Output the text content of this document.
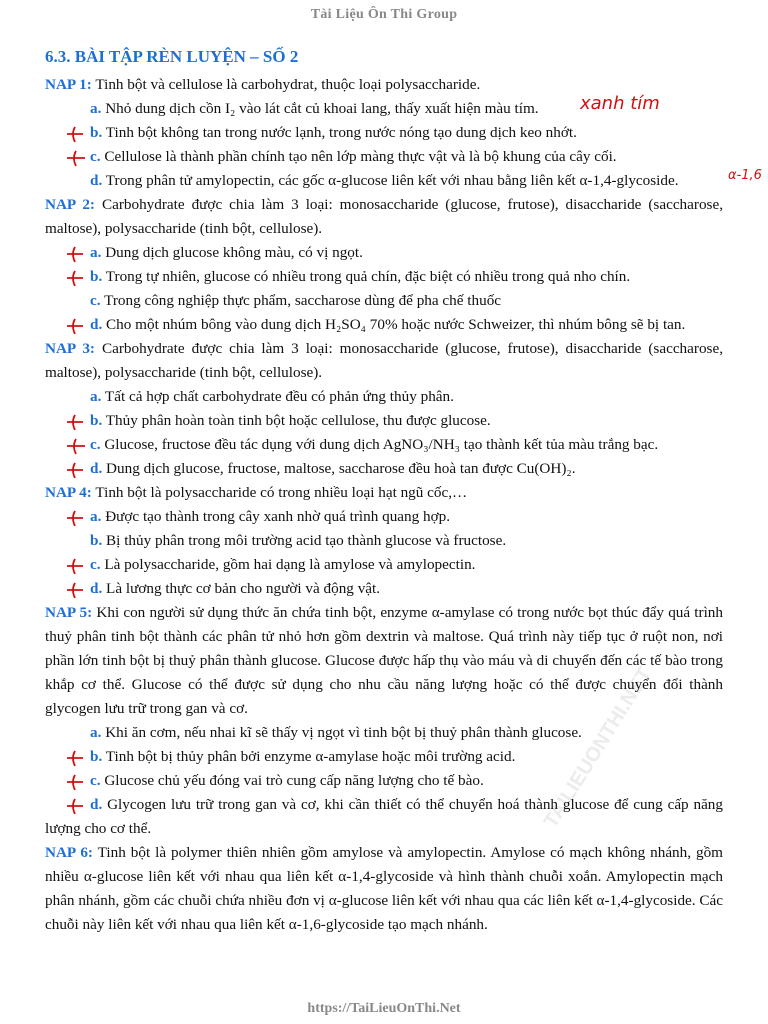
Tài Liệu Ôn Thi Group
TAILIEUONTHI.NET
6.3. BÀI TẬP RÈN LUYỆN – SỐ 2

NAP 1: Tinh bột và cellulose là carbohydrat, thuộc loại polysaccharide.

a. Nhỏ dung dịch cồn I₂ vào lát cắt củ khoai lang, thấy xuất hiện màu tím.

b. Tinh bột không tan trong nước lạnh, trong nước nóng tạo dung dịch keo nhớt.

c. Cellulose là thành phần chính tạo nên lớp màng thực vật và là bộ khung của cây cối.

d. Trong phân tử amylopectin, các gốc α-glucose liên kết với nhau bằng liên kết α-1,4-glycoside.

NAP 2: Carbohydrate được chia làm 3 loại: monosaccharide (glucose, frutose), disaccharide (saccharose, maltose), polysaccharide (tinh bột, cellulose).

a. Dung dịch glucose không màu, có vị ngọt.

b. Trong tự nhiên, glucose có nhiều trong quả chín, đặc biệt có nhiều trong quả nho chín.

c. Trong công nghiệp thực phẩm, saccharose dùng để pha chế thuốc

d. Cho một nhúm bông vào dung dịch H₂SO₄ 70% hoặc nước Schweizer, thì nhúm bông sẽ bị tan.

NAP 3: Carbohydrate được chia làm 3 loại: monosaccharide (glucose, frutose), disaccharide (saccharose, maltose), polysaccharide (tinh bột, cellulose).

a. Tất cả hợp chất carbohydrate đều có phản ứng thủy phân.

b. Thủy phân hoàn toàn tinh bột hoặc cellulose, thu được glucose.

c. Glucose, fructose đều tác dụng với dung dịch AgNO₃/NH₃ tạo thành kết tủa màu trắng bạc.

d. Dung dịch glucose, fructose, maltose, saccharose đều hoà tan được Cu(OH)₂.

NAP 4: Tinh bột là polysaccharide có trong nhiều loại hạt ngũ cốc,…

a. Được tạo thành trong cây xanh nhờ quá trình quang hợp.

b. Bị thủy phân trong môi trường acid tạo thành glucose và fructose.

c. Là polysaccharide, gồm hai dạng là amylose và amylopectin.

d. Là lương thực cơ bản cho người và động vật.

NAP 5: Khi con người sử dụng thức ăn chứa tinh bột, enzyme α-amylase có trong nước bọt thúc đẩy quá trình thuỷ phân tinh bột thành các phân tử nhỏ hơn gồm dextrin và maltose. Quá trình này tiếp tục ở ruột non, nơi phần lớn tinh bột bị thuỷ phân thành glucose. Glucose được hấp thụ vào máu và di chuyển đến các tế bào trong khắp cơ thể. Glucose có thể được sử dụng cho nhu cầu năng lượng hoặc có thể được chuyển đổi thành glycogen lưu trữ trong gan và cơ.

a. Khi ăn cơm, nếu nhai kĩ sẽ thấy vị ngọt vì tinh bột bị thuỷ phân thành glucose.

b. Tinh bột bị thủy phân bởi enzyme α-amylase hoặc môi trường acid.

c. Glucose chủ yếu đóng vai trò cung cấp năng lượng cho tế bào.

d. Glycogen lưu trữ trong gan và cơ, khi cần thiết có thể chuyển hoá thành glucose để cung cấp năng lượng cho cơ thể.

NAP 6: Tinh bột là polymer thiên nhiên gồm amylose và amylopectin. Amylose có mạch không nhánh, gồm nhiều α-glucose liên kết với nhau qua liên kết α-1,4-glycoside và hình thành chuỗi xoắn. Amylopectin mạch phân nhánh, gồm các chuỗi chứa nhiều đơn vị α-glucose liên kết với nhau qua các liên kết α-1,4-glycoside. Các chuỗi này liên kết với nhau qua liên kết α-1,6-glycoside tạo mạch nhánh.

xanh tím
α-1,6
https://TaiLieuOnThi.Net
